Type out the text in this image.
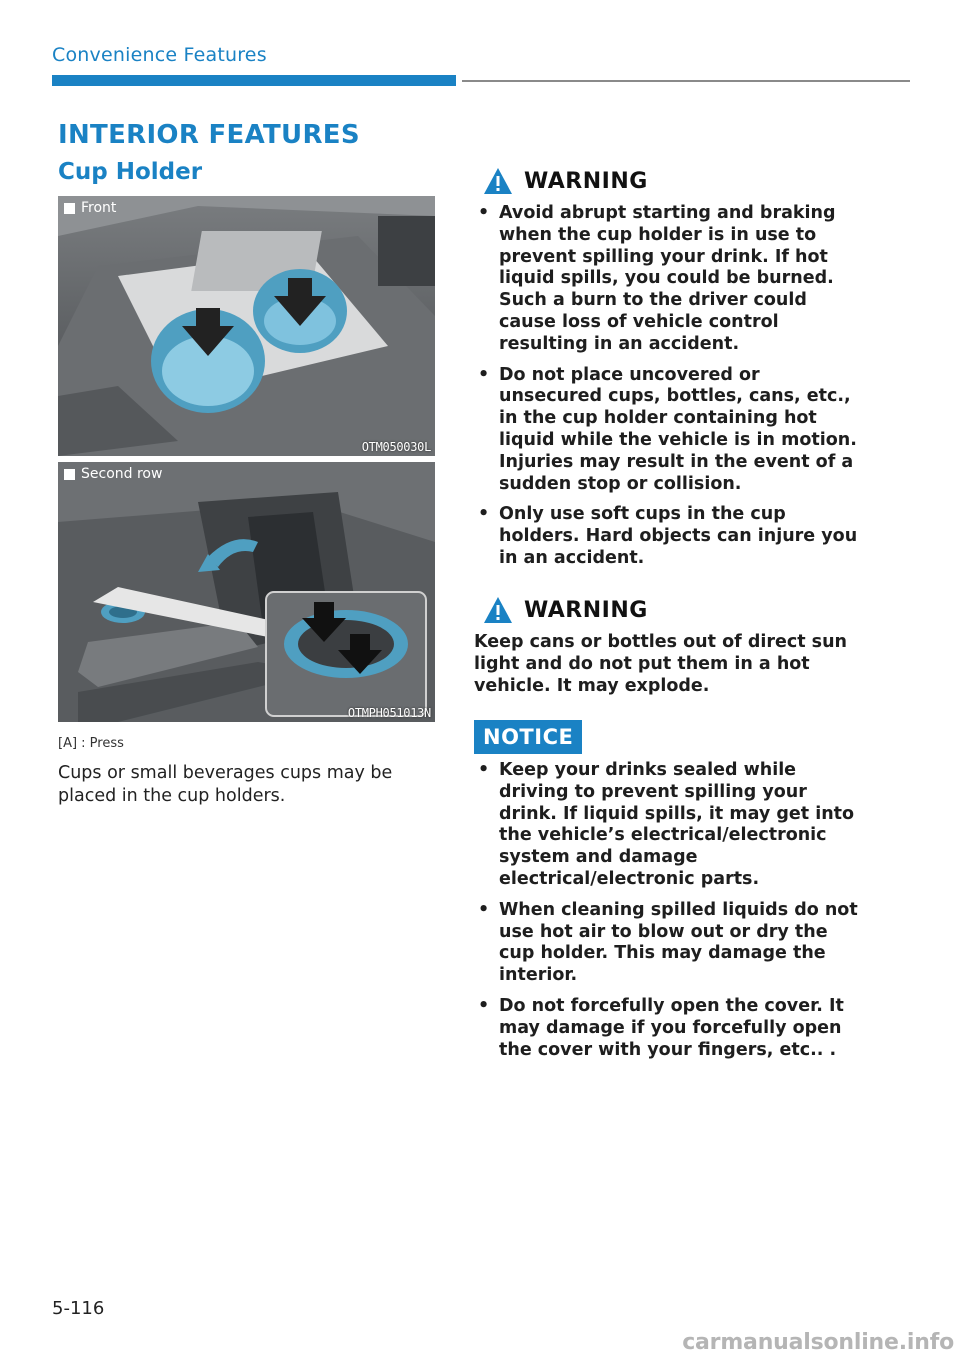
Convenience Features
INTERIOR FEATURES
Cup Holder
Front
OTM050030L
Second row
OTMPH051013N
[A] : Press
Cups or small beverages cups may be placed in the cup holders.
WARNING
• Avoid abrupt starting and braking when the cup holder is in use to prevent spilling your drink. If hot liquid spills, you could be burned. Such a burn to the driver could cause loss of vehicle control resulting in an accident.
• Do not place uncovered or unsecured cups, bottles, cans, etc., in the cup holder containing hot liquid while the vehicle is in motion. Injuries may result in the event of a sudden stop or collision.
• Only use soft cups in the cup holders. Hard objects can injure you in an accident.
WARNING
Keep cans or bottles out of direct sun light and do not put them in a hot vehicle. It may explode.
NOTICE
• Keep your drinks sealed while driving to prevent spilling your drink. If liquid spills, it may get into the vehicle’s electrical/electronic system and damage electrical/electronic parts.
• When cleaning spilled liquids do not use hot air to blow out or dry the cup holder. This may damage the interior.
• Do not forcefully open the cover. It may damage if you forcefully open the cover with your fingers, etc.. .
5-116
carmanualsonline.info
